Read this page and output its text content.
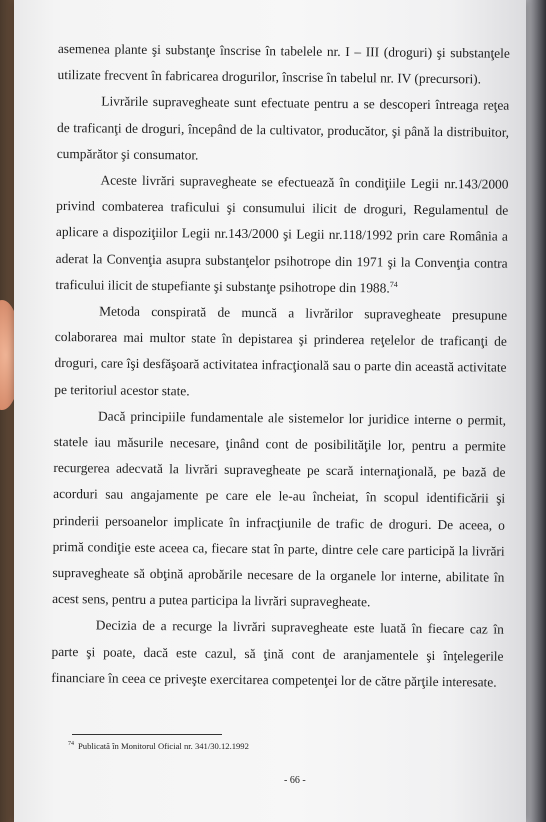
asemenea plante şi substanţe înscrise în tabelele nr. I – III (droguri) şi substanţele utilizate frecvent în fabricarea drogurilor, înscrise în tabelul nr. IV (precursori).

Livrările supravegheate sunt efectuate pentru a se descoperi întreaga reţea de traficanţi de droguri, începând de la cultivator, producător, şi până la distribuitor, cumpărător şi consumator.

Aceste livrări supravegheate se efectuează în condiţiile Legii nr.143/2000 privind combaterea traficului şi consumului ilicit de droguri, Regulamentul de aplicare a dispoziţiilor Legii nr.143/2000 şi Legii nr.118/1992 prin care România a aderat la Convenţia asupra substanţelor psihotrope din 1971 şi la Convenţia contra traficului ilicit de stupefiante şi substanţe psihotrope din 1988.74

Metoda conspirată de muncă a livrărilor supravegheate presupune colaborarea mai multor state în depistarea şi prinderea reţelelor de traficanţi de droguri, care îşi desfăşoară activitatea infracţională sau o parte din această activitate pe teritoriul acestor state.

Dacă principiile fundamentale ale sistemelor lor juridice interne o permit, statele iau măsurile necesare, ţinând cont de posibilităţile lor, pentru a permite recurgerea adecvată la livrări supravegheate pe scară internaţională, pe bază de acorduri sau angajamente pe care ele le-au încheiat, în scopul identificării şi prinderii persoanelor implicate în infracţiunile de trafic de droguri. De aceea, o primă condiţie este aceea ca, fiecare stat în parte, dintre cele care participă la livrări supravegheate să obţină aprobările necesare de la organele lor interne, abilitate în acest sens, pentru a putea participa la livrări supravegheate.

Decizia de a recurge la livrări supravegheate este luată în fiecare caz în parte şi poate, dacă este cazul, să ţină cont de aranjamentele şi înţelegerile financiare în ceea ce priveşte exercitarea competenţei lor de către părţile interesate.

$^{74}$ Publicată în Monitorul Oficial nr. 341/30.12.1992
- 66 -
